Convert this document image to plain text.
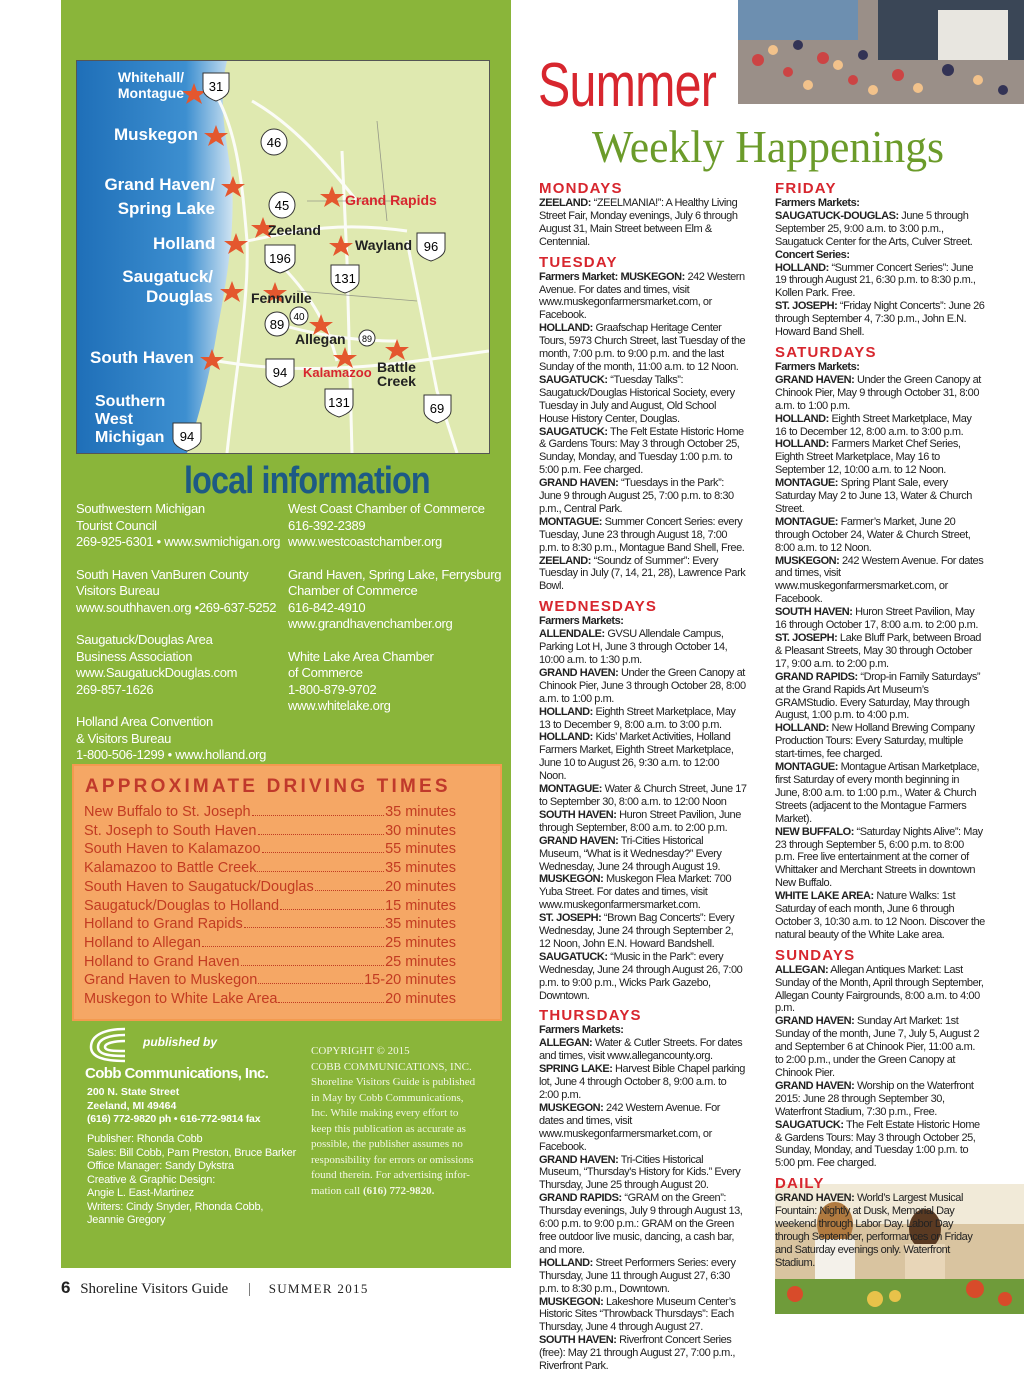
31
46
45
196
96
131
89 40
89
94
131	69
94
Whitehall/
Montague
Muskegon
Grand Haven/
Spring Lake
Holland
Saugatuck/
Douglas
South Haven
Southern
West
Michigan
Zeeland
Grand Rapids
Wayland
Fennville
Allegan
Kalamazoo Battle
Creek
local information
Southwestern Michigan
Tourist Council
269-925-6301 • www.swmichigan.org
South Haven VanBuren County
Visitors Bureau
www.southhaven.org •269-637-5252
Saugatuck/Douglas Area
Business Association
www.SaugatuckDouglas.com
269-857-1626
Holland Area Convention
& Visitors Bureau
1-800-506-1299 • www.holland.org
West Coast Chamber of Commerce
616-392-2389
www.westcoastchamber.org
Grand Haven, Spring Lake, Ferrysburg
Chamber of Commerce
616-842-4910
www.grandhavenchamber.org
White Lake Area Chamber
of Commerce
1-800-879-9702
www.whitelake.org
APPROXIMATE DRIVING TIMES
New Buffalo to St. Joseph	35 minutes
St. Joseph to South Haven	30 minutes
South Haven to Kalamazoo	55 minutes
Kalamazoo to Battle Creek	35 minutes
South Haven to Saugatuck/Douglas	20 minutes
Saugatuck/Douglas to Holland	15 minutes
Holland to Grand Rapids	35 minutes
Holland to Allegan	25 minutes
Holland to Grand Haven	25 minutes
Grand Haven to Muskegon	15-20 minutes
Muskegon to White Lake Area	20 minutes
published by
Cobb Communications, Inc.
200 N. State Street
Zeeland, MI 49464
(616) 772-9820 ph • 616-772-9814 fax
Publisher: Rhonda Cobb
Sales: Bill Cobb, Pam Preston, Bruce Barker
Office Manager: Sandy Dykstra
Creative & Graphic Design:
Angie L. East-Martinez
Writers: Cindy Snyder, Rhonda Cobb,
Jeannie Gregory
COPYRIGHT © 2015
COBB COMMUNICATIONS, INC.
Shoreline Visitors Guide is published
in May by Cobb Communications,
Inc. While making every effort to
keep this publication as accurate as
possible, the publisher assumes no
responsibility for errors or omissions
found therein. For advertising infor-
mation call (616) 772-9820.
6 Shoreline Visitors Guide | SUMMER 2015
Summer
Weekly Happenings
MONDAYS

ZEELAND: “ZEELMANIA!”: A Healthy Living Street Fair, Monday evenings, July 6 through August 31, Main Street between Elm & Centennial.

TUESDAY

Farmers Market: MUSKEGON: 242 Western Avenue. For dates and times, visit www.muskegonfarmersmarket.com, or Facebook.

HOLLAND: Graafschap Heritage Center Tours, 5973 Church Street, last Tuesday of the month, 7:00 p.m. to 9:00 p.m. and the last Sunday of the month, 11:00 a.m. to 12 Noon.

SAUGATUCK: “Tuesday Talks”: Saugatuck/Douglas Historical Society, every Tuesday in July and August, Old School House History Center, Douglas.

SAUGATUCK: The Felt Estate Historic Home & Gardens Tours: May 3 through October 25, Sunday, Monday, and Tuesday 1:00 p.m. to 5:00 p.m. Fee charged.

GRAND HAVEN: “Tuesdays in the Park”: June 9 through August 25, 7:00 p.m. to 8:30 p.m., Central Park.

MONTAGUE: Summer Concert Series: every Tuesday, June 23 through August 18, 7:00 p.m. to 8:30 p.m., Montague Band Shell, Free.

ZEELAND: “Soundz of Summer”: Every Tuesday in July (7, 14, 21, 28), Lawrence Park Bowl.

WEDNESDAYS
Farmers Markets:

ALLENDALE: GVSU Allendale Campus, Parking Lot H, June 3 through October 14, 10:00 a.m. to 1:30 p.m.

GRAND HAVEN: Under the Green Canopy at Chinook Pier, June 3 through October 28, 8:00 a.m. to 1:00 p.m.

HOLLAND: Eighth Street Marketplace, May 13 to December 9, 8:00 a.m. to 3:00 p.m.

HOLLAND: Kids’ Market Activities, Holland Farmers Market, Eighth Street Marketplace, June 10 to August 26, 9:30 a.m. to 12:00 Noon.

MONTAGUE: Water & Church Street, June 17 to September 30, 8:00 a.m. to 12:00 Noon

SOUTH HAVEN: Huron Street Pavilion, June through September, 8:00 a.m. to 2:00 p.m.

GRAND HAVEN: Tri-Cities Historical Museum, “What is it Wednesday?” Every Wednesday, June 24 through August 19.

MUSKEGON: Muskegon Flea Market: 700 Yuba Street. For dates and times, visit www.muskegonfarmersmarket.com.

ST. JOSEPH: “Brown Bag Concerts”: Every Wednesday, June 24 through September 2, 12 Noon, John E.N. Howard Bandshell.

SAUGATUCK: “Music in the Park”: every Wednesday, June 24 through August 26, 7:00 p.m. to 9:00 p.m., Wicks Park Gazebo, Downtown.

THURSDAYS
Farmers Markets:

ALLEGAN: Water & Cutler Streets. For dates and times, visit www.allegancounty.org.

SPRING LAKE: Harvest Bible Chapel parking lot, June 4 through October 8, 9:00 a.m. to 2:00 p.m.

MUSKEGON: 242 Western Avenue. For dates and times, visit www.muskegonfarmersmarket.com, or Facebook.

GRAND HAVEN: Tri-Cities Historical Museum, “Thursday’s History for Kids.” Every Thursday, June 25 through August 20.

GRAND RAPIDS: “GRAM on the Green”: Thursday evenings, July 9 through August 13, 6:00 p.m. to 9:00 p.m.: GRAM on the Green free outdoor live music, dancing, a cash bar, and more.

HOLLAND: Street Performers Series: every Thursday, June 11 through August 27, 6:30 p.m. to 8:30 p.m., Downtown.

MUSKEGON: Lakeshore Museum Center’s Historic Sites “Throwback Thursdays”: Each Thursday, June 4 through August 27.

SOUTH HAVEN: Riverfront Concert Series (free): May 21 through August 27, 7:00 p.m., Riverfront Park.

FRIDAY
Farmers Markets:

SAUGATUCK-DOUGLAS: June 5 through September 25, 9:00 a.m. to 3:00 p.m., Saugatuck Center for the Arts, Culver Street.

Concert Series:

HOLLAND: “Summer Concert Series”: June 19 through August 21, 6:30 p.m. to 8:30 p.m., Kollen Park. Free.

ST. JOSEPH: “Friday Night Concerts”: June 26 through September 4, 7:30 p.m., John E.N. Howard Band Shell.

SATURDAYS
Farmers Markets:

GRAND HAVEN: Under the Green Canopy at Chinook Pier, May 9 through October 31, 8:00 a.m. to 1:00 p.m.

HOLLAND: Eighth Street Marketplace, May 16 to December 12, 8:00 a.m. to 3:00 p.m.

HOLLAND: Farmers Market Chef Series, Eighth Street Marketplace, May 16 to September 12, 10:00 a.m. to 12 Noon.

MONTAGUE: Spring Plant Sale, every Saturday May 2 to June 13, Water & Church Street.

MONTAGUE: Farmer’s Market, June 20 through October 24, Water & Church Street, 8:00 a.m. to 12 Noon.

MUSKEGON: 242 Western Avenue. For dates and times, visit www.muskegonfarmersmarket.com, or Facebook.

SOUTH HAVEN: Huron Street Pavilion, May 16 through October 17, 8:00 a.m. to 2:00 p.m.

ST. JOSEPH: Lake Bluff Park, between Broad & Pleasant Streets, May 30 through October 17, 9:00 a.m. to 2:00 p.m.

GRAND RAPIDS: “Drop-in Family Saturdays” at the Grand Rapids Art Museum’s GRAMStudio. Every Saturday, May through August, 1:00 p.m. to 4:00 p.m.

HOLLAND: New Holland Brewing Company Production Tours: Every Saturday, multiple start-times, fee charged.

MONTAGUE: Montague Artisan Marketplace, first Saturday of every month beginning in June, 8:00 a.m. to 1:00 p.m., Water & Church Streets (adjacent to the Montague Farmers Market).

NEW BUFFALO: “Saturday Nights Alive”: May 23 through September 5, 6:00 p.m. to 8:00 p.m. Free live entertainment at the corner of Whittaker and Merchant Streets in downtown New Buffalo.

WHITE LAKE AREA: Nature Walks: 1st Saturday of each month, June 6 through October 3, 10:30 a.m. to 12 Noon. Discover the natural beauty of the White Lake area.

SUNDAYS

ALLEGAN: Allegan Antiques Market: Last Sunday of the Month, April through September, Allegan County Fairgrounds, 8:00 a.m. to 4:00 p.m.

GRAND HAVEN: Sunday Art Market: 1st Sunday of the month, June 7, July 5, August 2 and September 6 at Chinook Pier, 11:00 a.m. to 2:00 p.m., under the Green Canopy at Chinook Pier.

GRAND HAVEN: Worship on the Waterfront 2015: June 28 through September 30, Waterfront Stadium, 7:30 p.m., Free.

SAUGATUCK: The Felt Estate Historic Home & Gardens Tours: May 3 through October 25, Sunday, Monday, and Tuesday 1:00 p.m. to 5:00 pm. Fee charged.

DAILY

GRAND HAVEN: World’s Largest Musical Fountain: Nightly at Dusk, Memorial Day weekend through Labor Day. Labor Day through September, performances on Friday and Saturday evenings only. Waterfront Stadium.
